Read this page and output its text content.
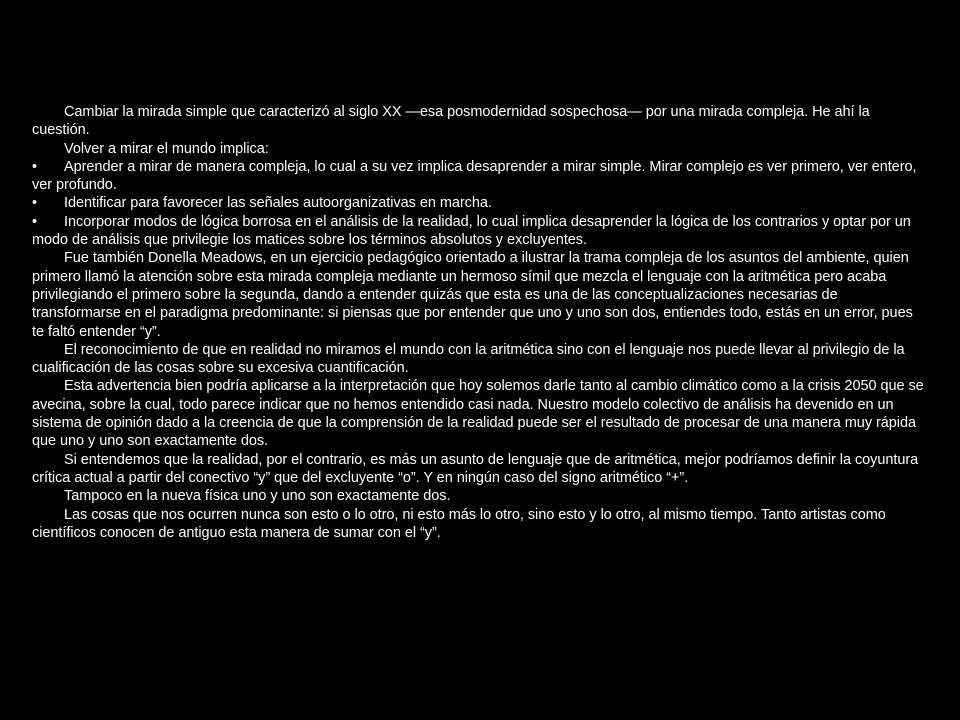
Cambiar la mirada simple que caracterizó al siglo XX —esa posmodernidad sospechosa— por una mirada compleja. He ahí la cuestión.

Volver a mirar el mundo implica:

• Aprender a mirar de manera compleja, lo cual a su vez implica desaprender a mirar simple. Mirar complejo es ver primero, ver entero, ver profundo.

• Identificar para favorecer las señales autoorganizativas en marcha.

• Incorporar modos de lógica borrosa en el análisis de la realidad, lo cual implica desaprender la lógica de los contrarios y optar por un modo de análisis que privilegie los matices sobre los términos absolutos y excluyentes.

Fue también Donella Meadows, en un ejercicio pedagógico orientado a ilustrar la trama compleja de los asuntos del ambiente, quien primero llamó la atención sobre esta mirada compleja mediante un hermoso símil que mezcla el lenguaje con la aritmética pero acaba privilegiando el primero sobre la segunda, dando a entender quizás que esta es una de las conceptualizaciones necesarias de transformarse en el paradigma predominante: si piensas que por entender que uno y uno son dos, entiendes todo, estás en un error, pues te faltó entender “y”.

El reconocimiento de que en realidad no miramos el mundo con la aritmética sino con el lenguaje nos puede llevar al privilegio de la cualificación de las cosas sobre su excesiva cuantificación.

Esta advertencia bien podría aplicarse a la interpretación que hoy solemos darle tanto al cambio climático como a la crisis 2050 que se avecina, sobre la cual, todo parece indicar que no hemos entendido casi nada. Nuestro modelo colectivo de análisis ha devenido en un sistema de opinión dado a la creencia de que la comprensión de la realidad puede ser el resultado de procesar de una manera muy rápida que uno y uno son exactamente dos.

Si entendemos que la realidad, por el contrario, es más un asunto de lenguaje que de aritmética, mejor podríamos definir la coyuntura crítica actual a partir del conectivo “y” que del excluyente “o”. Y en ningún caso del signo aritmético “+”.

Tampoco en la nueva física uno y uno son exactamente dos.

Las cosas que nos ocurren nunca son esto o lo otro, ni esto más lo otro, sino esto y lo otro, al mismo tiempo. Tanto artistas como científicos conocen de antiguo esta manera de sumar con el “y”.
